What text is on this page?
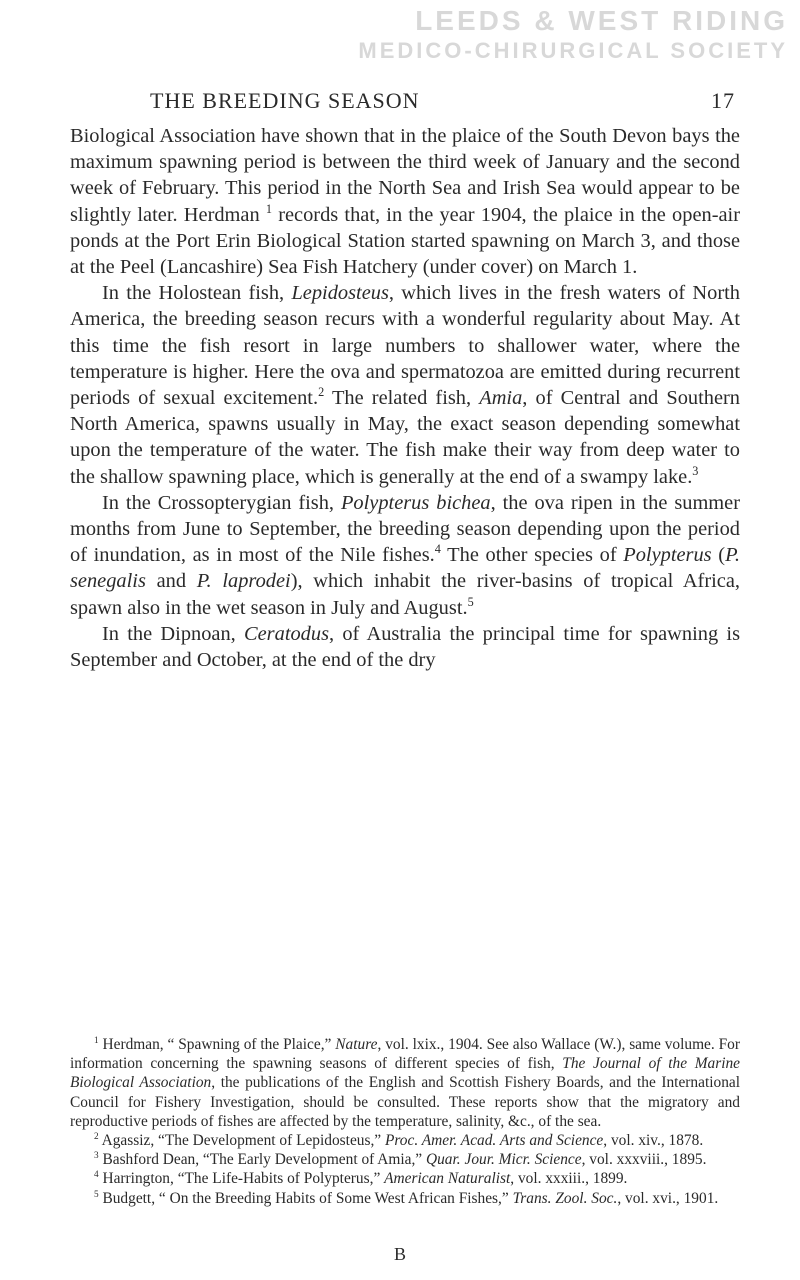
LEEDS & WEST RIDING
MEDICO-CHIRURGICAL SOCIETY
THE BREEDING SEASON	17

Biological Association have shown that in the plaice of the South Devon bays the maximum spawning period is between the third week of January and the second week of February. This period in the North Sea and Irish Sea would appear to be slightly later. Herdman $^1$ records that, in the year 1904, the plaice in the open-air ponds at the Port Erin Biological Station started spawning on March 3, and those at the Peel (Lancashire) Sea Fish Hatchery (under cover) on March 1.

In the Holostean fish, Lepidosteus, which lives in the fresh waters of North America, the breeding season recurs with a wonderful regularity about May. At this time the fish resort in large numbers to shallower water, where the temperature is higher. Here the ova and spermatozoa are emitted during recurrent periods of sexual excitement.$^2$ The related fish, Amia, of Central and Southern North America, spawns usually in May, the exact season depending somewhat upon the temperature of the water. The fish make their way from deep water to the shallow spawning place, which is generally at the end of a swampy lake.$^3$

In the Crossopterygian fish, Polypterus bichea, the ova ripen in the summer months from June to September, the breeding season depending upon the period of inundation, as in most of the Nile fishes.$^4$ The other species of Polypterus (P. senegalis and P. laprodei), which inhabit the river-basins of tropical Africa, spawn also in the wet season in July and August.$^5$

In the Dipnoan, Ceratodus, of Australia the principal time for spawning is September and October, at the end of the dry

$^1$ Herdman, “ Spawning of the Plaice,” Nature, vol. lxix., 1904. See also Wallace (W.), same volume. For information concerning the spawning seasons of different species of fish, The Journal of the Marine Biological Association, the publications of the English and Scottish Fishery Boards, and the International Council for Fishery Investigation, should be consulted. These reports show that the migratory and reproductive periods of fishes are affected by the temperature, salinity, &c., of the sea.

$^2$ Agassiz, “The Development of Lepidosteus,” Proc. Amer. Acad. Arts and Science, vol. xiv., 1878.

$^3$ Bashford Dean, “The Early Development of Amia,” Quar. Jour. Micr. Science, vol. xxxviii., 1895.

$^4$ Harrington, “The Life-Habits of Polypterus,” American Naturalist, vol. xxxiii., 1899.

$^5$ Budgett, “ On the Breeding Habits of Some West African Fishes,” Trans. Zool. Soc., vol. xvi., 1901.

B
